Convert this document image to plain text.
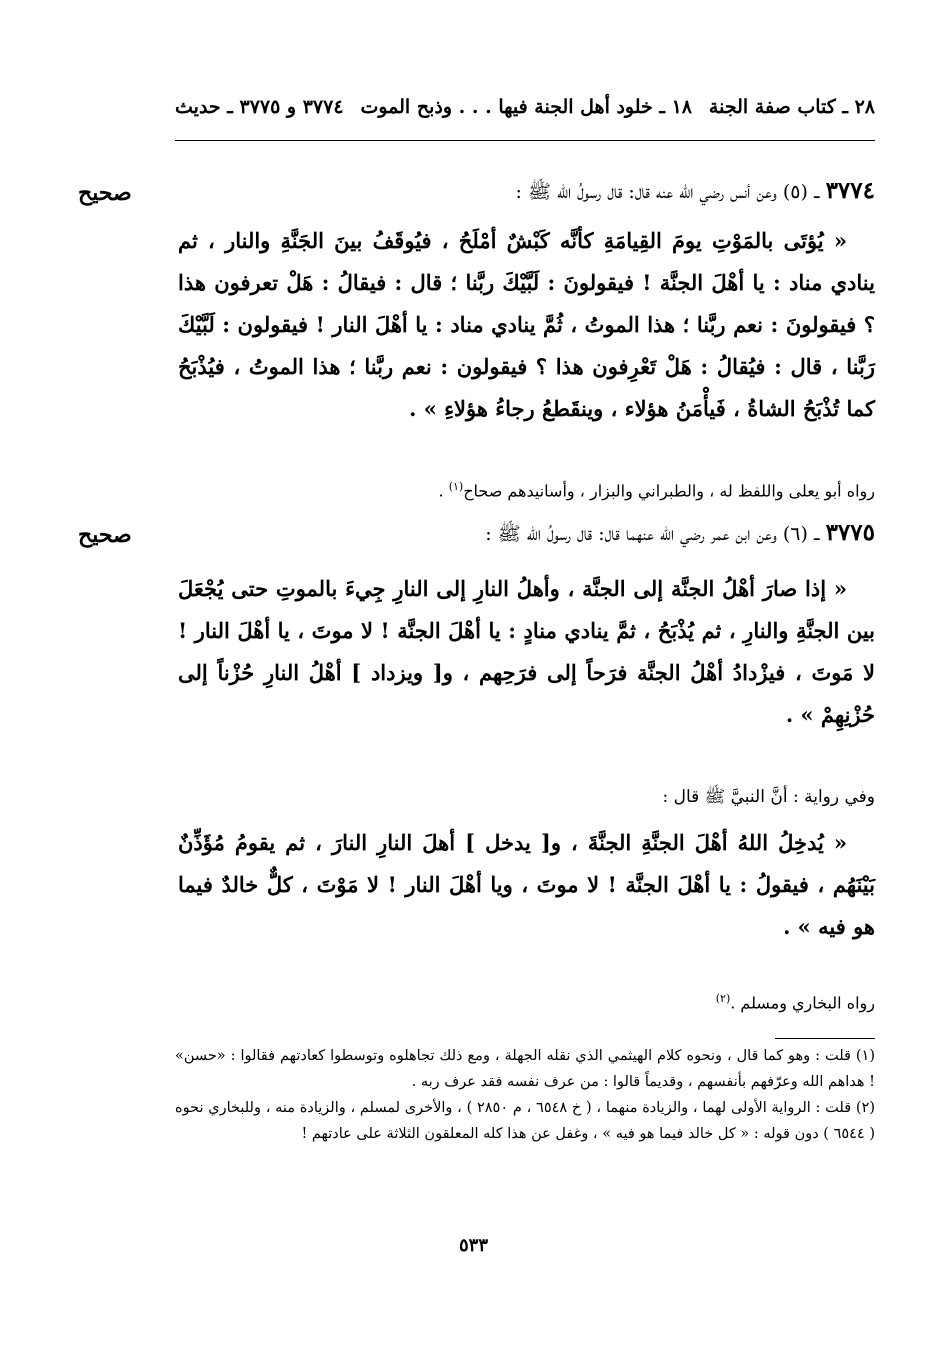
٢٨ ـ كتاب صفة الجنة
١٨ ـ خلود أهل الجنة فيها . . . وذبح الموت
٣٧٧٤ و ٣٧٧٥ ـ حديث
صحيح	٣٧٧٤ ـ (٥) وعن أنس رضي الله عنه قال: قال رسولُ الله ﷺ :

« يُؤتَى بالمَوْتِ يومَ القِيامَةِ كأنَّه كَبْشٌ أمْلَحُ ، فيُوقَفُ بينَ الجَنَّةِ والنار ، ثم ينادي مناد : يا أهْلَ الجنَّة ! فيقولونَ : لَبَّيْكَ ربَّنا ؛ قال : فيقالُ : هَلْ تعرفون هذا ؟ فيقولونَ : نعم ربَّنا ؛ هذا الموتُ ، ثُمَّ ينادي مناد : يا أهْلَ النار ! فيقولون : لَبَّيْكَ رَبَّنا ، قال : فيُقالُ : هَلْ تَعْرِفون هذا ؟ فيقولون : نعم ربَّنا ؛ هذا الموتُ ، فيُذْبَحُ كما تُذْبَحُ الشاةُ ، فَيأْمَنُ هؤلاء ، وينقَطعُ رجاءُ هؤلاءِ » .

رواه أبو يعلى واللفظ له ، والطبراني والبزار ، وأسانيدهم صحاح$^{(١)}$ .
صحيح	٣٧٧٥ ـ (٦) وعن ابن عمر رضي الله عنهما قال: قال رسولُ الله ﷺ :

« إذا صارَ أهْلُ الجنَّة إلى الجنَّة ، وأهلُ النارِ إلى النارِ جِيءَ بالموتِ حتى يُجْعَلَ بين الجنَّةِ والنارِ ، ثم يُذْبَحُ ، ثمَّ ينادي منادٍ : يا أهْلَ الجنَّة ! لا موتَ ، يا أهْلَ النار ! لا مَوتَ ، فيزْدادُ أهْلُ الجنَّة فرَحاً إلى فرَحِهم ، و[ ويزداد ] أهْلُ النارِ حُزْناً إلى حُزْنِهِمْ » .

وفي رواية : أنَّ النبيَّ ﷺ قال :

« يُدخِلُ اللهُ أهْلَ الجنَّةِ الجنَّةَ ، و[ يدخل ] أهلَ النارِ النارَ ، ثم يقومُ مُؤَذِّنٌ بَيْنَهُم ، فيقولُ : يا أهْلَ الجنَّة ! لا موتَ ، ويا أهْلَ النار ! لا مَوْتَ ، كلٌّ خالدٌ فيما هو فيه » .

رواه البخاري ومسلم .$^{(٢)}$

(١) قلت : وهو كما قال ، ونحوه كلام الهيثمي الذي نقله الجهلة ، ومع ذلك تجاهلوه وتوسطوا كعادتهم فقالوا : «حسن» ! هداهم الله وعرّفهم بأنفسهم ، وقديماً قالوا : من عرف نفسه فقد عرف ربه .

(٢) قلت : الرواية الأولى لهما ، والزيادة منهما ، ( خ ٦٥٤٨ ، م ٢٨٥٠ ) ، والأخرى لمسلم ، والزيادة منه ، وللبخاري نحوه ( ٦٥٤٤ ) دون قوله : « كل خالد فيما هو فيه » ، وغفل عن هذا كله المعلقون الثلاثة على عادتهم !

٥٣٣
